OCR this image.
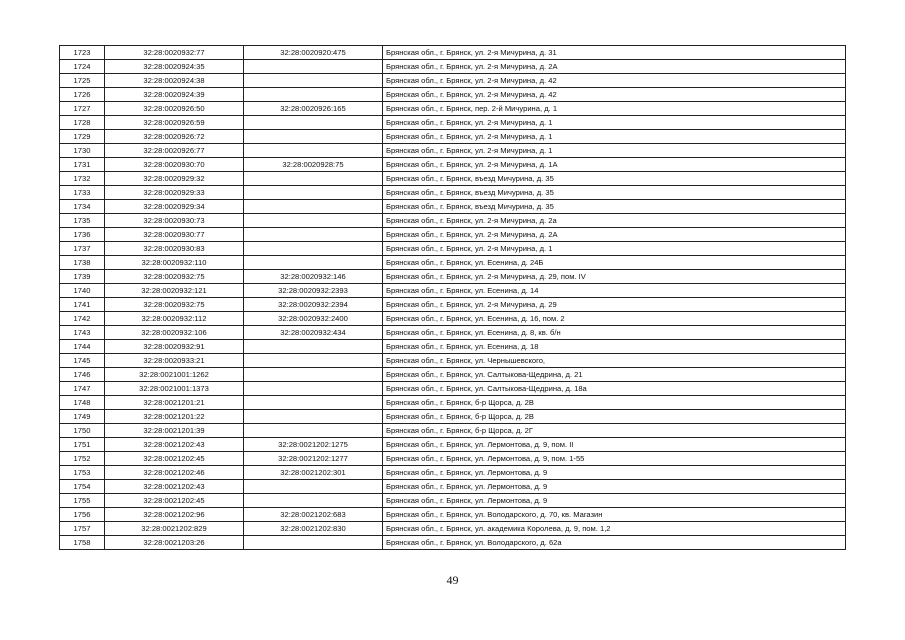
1723	32:28:0020932:77	32:28:0020920:475	Брянская обл., г. Брянск, ул. 2-я Мичурина, д. 31
1724	32:28:0020924:35		Брянская обл., г. Брянск, ул. 2-я Мичурина, д. 2А
1725	32:28:0020924:38		Брянская обл., г. Брянск, ул. 2-я Мичурина, д. 42
1726	32:28:0020924:39		Брянская обл., г. Брянск, ул. 2-я Мичурина, д. 42
1727	32:28:0020926:50	32:28:0020926:165	Брянская обл., г. Брянск, пер. 2-й Мичурина, д. 1
1728	32:28:0020926:59		Брянская обл., г. Брянск, ул. 2-я Мичурина, д. 1
1729	32:28:0020926:72		Брянская обл., г. Брянск, ул. 2-я Мичурина, д. 1
1730	32:28:0020926:77		Брянская обл., г. Брянск, ул. 2-я Мичурина, д. 1
1731	32:28:0020930:70	32:28:0020928:75	Брянская обл., г. Брянск, ул. 2-я Мичурина, д. 1А
1732	32:28:0020929:32		Брянская обл., г. Брянск, въезд Мичурина, д. 35
1733	32:28:0020929:33		Брянская обл., г. Брянск, въезд Мичурина, д. 35
1734	32:28:0020929:34		Брянская обл., г. Брянск, въезд Мичурина, д. 35
1735	32:28:0020930:73		Брянская обл., г. Брянск, ул. 2-я Мичурина, д. 2а
1736	32:28:0020930:77		Брянская обл., г. Брянск, ул. 2-я Мичурина, д. 2А
1737	32:28:0020930:83		Брянская обл., г. Брянск, ул. 2-я Мичурина, д. 1
1738	32:28:0020932:110		Брянская обл., г. Брянск, ул. Есенина, д. 24Б
1739	32:28:0020932:75	32:28:0020932:146	Брянская обл., г. Брянск, ул. 2-я Мичурина, д. 29, пом. IV
1740	32:28:0020932:121	32:28:0020932:2393	Брянская обл., г. Брянск, ул. Есенина, д. 14
1741	32:28:0020932:75	32:28:0020932:2394	Брянская обл., г. Брянск, ул. 2-я Мичурина, д. 29
1742	32:28:0020932:112	32:28:0020932:2400	Брянская обл., г. Брянск, ул. Есенина, д. 16, пом. 2
1743	32:28:0020932:106	32:28:0020932:434	Брянская обл., г. Брянск, ул. Есенина, д. 8, кв. б/н
1744	32:28:0020932:91		Брянская обл., г. Брянск, ул. Есенина, д. 18
1745	32:28:0020933:21		Брянская обл., г. Брянск, ул. Чернышевского,
1746	32:28:0021001:1262		Брянская обл., г. Брянск, ул. Салтыкова-Щедрина, д. 21
1747	32:28:0021001:1373		Брянская обл., г. Брянск, ул. Салтыкова-Щедрина, д. 18а
1748	32:28:0021201:21		Брянская обл., г. Брянск, б-р Щорса, д. 2В
1749	32:28:0021201:22		Брянская обл., г. Брянск, б-р Щорса, д. 2В
1750	32:28:0021201:39		Брянская обл., г. Брянск, б-р Щорса, д. 2Г
1751	32:28:0021202:43	32:28:0021202:1275	Брянская обл., г. Брянск, ул. Лермонтова, д. 9, пом. II
1752	32:28:0021202:45	32:28:0021202:1277	Брянская обл., г. Брянск, ул. Лермонтова, д. 9, пом. 1-55
1753	32:28:0021202:46	32:28:0021202:301	Брянская обл., г. Брянск, ул. Лермонтова, д. 9
1754	32:28:0021202:43		Брянская обл., г. Брянск, ул. Лермонтова, д. 9
1755	32:28:0021202:45		Брянская обл., г. Брянск, ул. Лермонтова, д. 9
1756	32:28:0021202:96	32:28:0021202:683	Брянская обл., г. Брянск, ул. Володарского, д. 70, кв. Магазин
1757	32:28:0021202:829	32:28:0021202:830	Брянская обл., г. Брянск, ул. академика Королева, д. 9, пом. 1,2
1758	32:28:0021203:26		Брянская обл., г. Брянск, ул. Володарского, д. 62а
49
